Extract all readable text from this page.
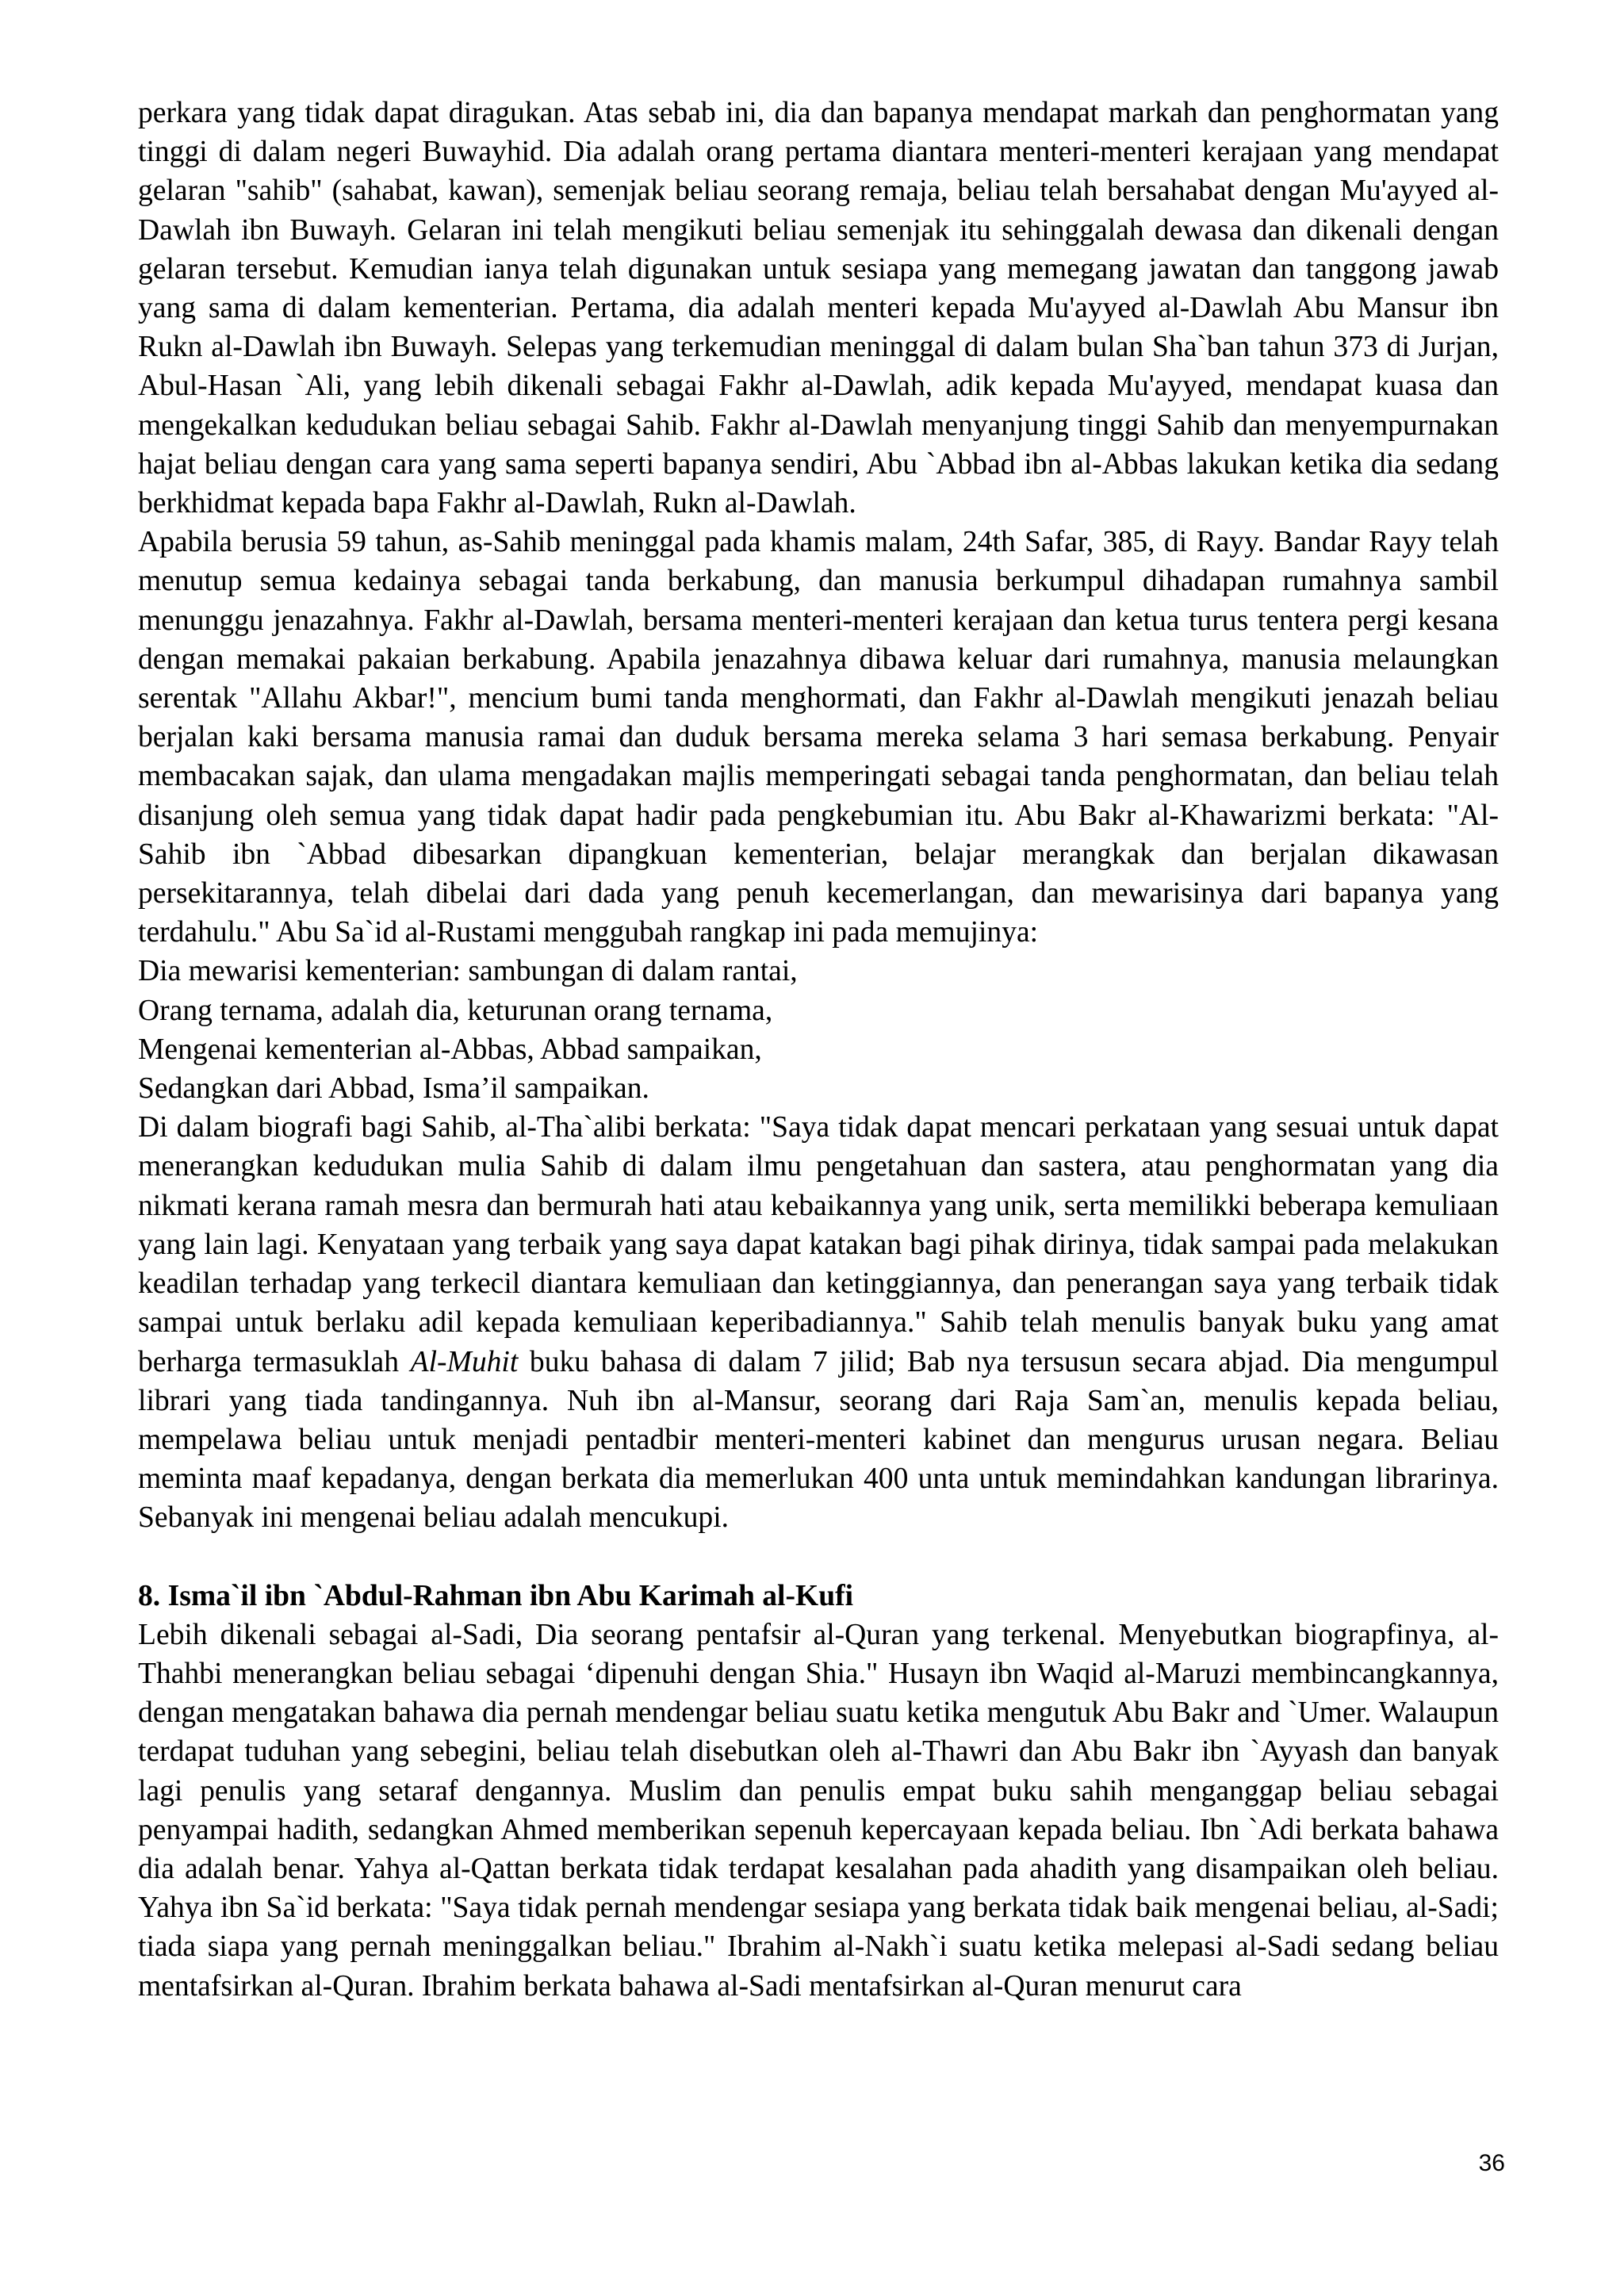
perkara yang tidak dapat diragukan. Atas sebab ini, dia dan bapanya mendapat markah dan penghormatan yang tinggi di dalam negeri Buwayhid. Dia adalah orang pertama diantara menteri-menteri kerajaan yang mendapat gelaran "sahib" (sahabat, kawan), semenjak beliau seorang remaja, beliau telah bersahabat dengan Mu'ayyed al-Dawlah ibn Buwayh. Gelaran ini telah mengikuti beliau semenjak itu sehinggalah dewasa dan dikenali dengan gelaran tersebut. Kemudian ianya telah digunakan untuk sesiapa yang memegang jawatan dan tanggong jawab yang sama di dalam kementerian. Pertama, dia adalah menteri kepada Mu'ayyed al-Dawlah Abu Mansur ibn Rukn al-Dawlah ibn Buwayh. Selepas yang terkemudian meninggal di dalam bulan Sha`ban tahun 373 di Jurjan, Abul-Hasan `Ali, yang lebih dikenali sebagai Fakhr al-Dawlah, adik kepada Mu'ayyed, mendapat kuasa dan mengekalkan kedudukan beliau sebagai Sahib. Fakhr al-Dawlah menyanjung tinggi Sahib dan menyempurnakan hajat beliau dengan cara yang sama seperti bapanya sendiri, Abu `Abbad ibn al-Abbas lakukan ketika dia sedang berkhidmat kepada bapa Fakhr al-Dawlah, Rukn al-Dawlah.

Apabila berusia 59 tahun, as-Sahib meninggal pada khamis malam, 24th Safar, 385, di Rayy. Bandar Rayy telah menutup semua kedainya sebagai tanda berkabung, dan manusia berkumpul dihadapan rumahnya sambil menunggu jenazahnya. Fakhr al-Dawlah, bersama menteri-menteri kerajaan dan ketua turus tentera pergi kesana dengan memakai pakaian berkabung. Apabila jenazahnya dibawa keluar dari rumahnya, manusia melaungkan serentak "Allahu Akbar!", mencium bumi tanda menghormati, dan Fakhr al-Dawlah mengikuti jenazah beliau berjalan kaki bersama manusia ramai dan duduk bersama mereka selama 3 hari semasa berkabung. Penyair membacakan sajak, dan ulama mengadakan majlis memperingati sebagai tanda penghormatan, dan beliau telah disanjung oleh semua yang tidak dapat hadir pada pengkebumian itu. Abu Bakr al-Khawarizmi berkata: "Al-Sahib ibn `Abbad dibesarkan dipangkuan kementerian, belajar merangkak dan berjalan dikawasan persekitarannya, telah dibelai dari dada yang penuh kecemerlangan, dan mewarisinya dari bapanya yang terdahulu." Abu Sa`id al-Rustami menggubah rangkap ini pada memujinya:

Dia mewarisi kementerian: sambungan di dalam rantai,

Orang ternama, adalah dia, keturunan orang ternama,

Mengenai kementerian al-Abbas, Abbad sampaikan,

Sedangkan dari Abbad, Isma’il sampaikan.

Di dalam biografi bagi Sahib, al-Tha`alibi berkata: "Saya tidak dapat mencari perkataan yang sesuai untuk dapat menerangkan kedudukan mulia Sahib di dalam ilmu pengetahuan dan sastera, atau penghormatan yang dia nikmati kerana ramah mesra dan bermurah hati atau kebaikannya yang unik, serta memilikki beberapa kemuliaan yang lain lagi. Kenyataan yang terbaik yang saya dapat katakan bagi pihak dirinya, tidak sampai pada melakukan keadilan terhadap yang terkecil diantara kemuliaan dan ketinggiannya, dan penerangan saya yang terbaik tidak sampai untuk berlaku adil kepada kemuliaan keperibadiannya." Sahib telah menulis banyak buku yang amat berharga termasuklah Al-Muhit buku bahasa di dalam 7 jilid; Bab nya tersusun secara abjad. Dia mengumpul librari yang tiada tandingannya. Nuh ibn al-Mansur, seorang dari Raja Sam`an, menulis kepada beliau, mempelawa beliau untuk menjadi pentadbir menteri-menteri kabinet dan mengurus urusan negara. Beliau meminta maaf kepadanya, dengan berkata dia memerlukan 400 unta untuk memindahkan kandungan librarinya. Sebanyak ini mengenai beliau adalah mencukupi.

8. Isma`il ibn `Abdul-Rahman ibn Abu Karimah al-Kufi

Lebih dikenali sebagai al-Sadi, Dia seorang pentafsir al-Quran yang terkenal. Menyebutkan biograpfinya, al-Thahbi menerangkan beliau sebagai ‘dipenuhi dengan Shia." Husayn ibn Waqid al-Maruzi membincangkannya, dengan mengatakan bahawa dia pernah mendengar beliau suatu ketika mengutuk Abu Bakr and `Umer. Walaupun terdapat tuduhan yang sebegini, beliau telah disebutkan oleh al-Thawri dan Abu Bakr ibn `Ayyash dan banyak lagi penulis yang setaraf dengannya. Muslim dan penulis empat buku sahih menganggap beliau sebagai penyampai hadith, sedangkan Ahmed memberikan sepenuh kepercayaan kepada beliau. Ibn `Adi berkata bahawa dia adalah benar. Yahya al-Qattan berkata tidak terdapat kesalahan pada ahadith yang disampaikan oleh beliau. Yahya ibn Sa`id berkata: "Saya tidak pernah mendengar sesiapa yang berkata tidak baik mengenai beliau, al-Sadi; tiada siapa yang pernah meninggalkan beliau." Ibrahim al-Nakh`i suatu ketika melepasi al-Sadi sedang beliau mentafsirkan al-Quran. Ibrahim berkata bahawa al-Sadi mentafsirkan al-Quran menurut cara

36
